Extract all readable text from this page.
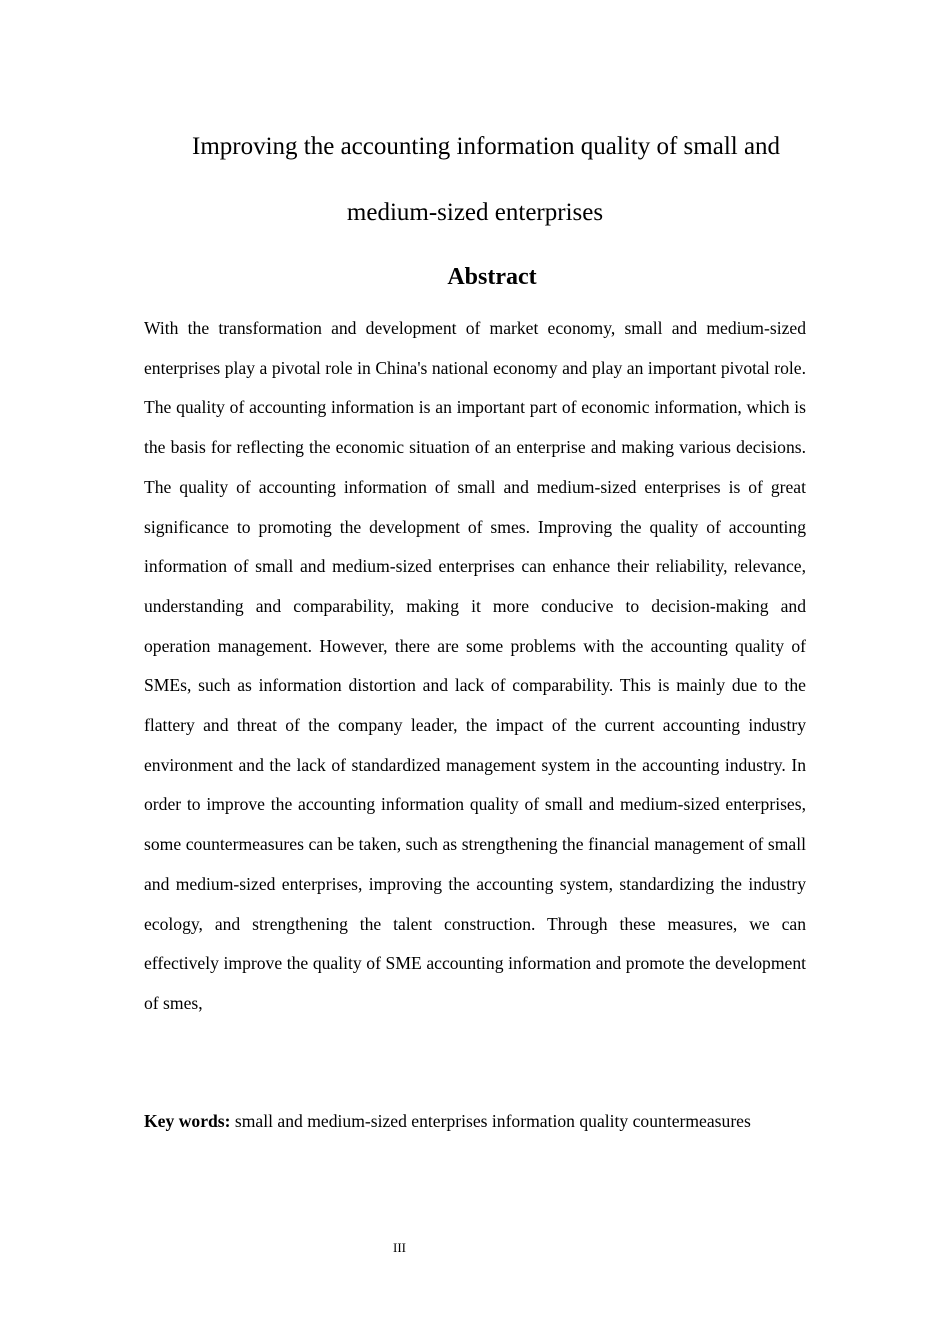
Improving the accounting information quality of small and
medium-sized enterprises
Abstract

With the transformation and development of market economy, small and medium-sized enterprises play a pivotal role in China's national economy and play an important pivotal role. The quality of accounting information is an important part of economic information, which is the basis for reflecting the economic situation of an enterprise and making various decisions. The quality of accounting information of small and medium-sized enterprises is of great significance to promoting the development of smes. Improving the quality of accounting information of small and medium-sized enterprises can enhance their reliability, relevance, understanding and comparability, making it more conducive to decision-making and operation management. However, there are some problems with the accounting quality of SMEs, such as information distortion and lack of comparability. This is mainly due to the flattery and threat of the company leader, the impact of the current accounting industry environment and the lack of standardized management system in the accounting industry. In order to improve the accounting information quality of small and medium-sized enterprises, some countermeasures can be taken, such as strengthening the financial management of small and medium-sized enterprises, improving the accounting system, standardizing the industry ecology, and strengthening the talent construction. Through these measures, we can effectively improve the quality of SME accounting information and promote the development of smes,

Key words: small and medium-sized enterprises information quality countermeasures

III
